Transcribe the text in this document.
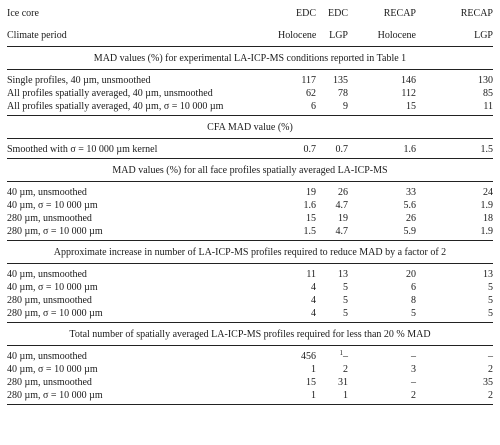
Ice core	EDC	EDC	RECAP	RECAP
Climate period	Holocene	LGP	Holocene	LGP
MAD values (%) for experimental LA-ICP-MS conditions reported in Table 1
Single profiles, 40 µm, unsmoothed	117	135	146	130
All profiles spatially averaged, 40 µm, unsmoothed	62	78	112	85
All profiles spatially averaged, 40 µm, σ = 10 000 µm	6	9	15	11
CFA MAD value (%)
Smoothed with σ = 10 000 µm kernel	0.7	0.7	1.6	1.5
MAD values (%) for all face profiles spatially averaged LA-ICP-MS
40 µm, unsmoothed	19	26	33	24
40 µm, σ = 10 000 µm	1.6	4.7	5.6	1.9
280 µm, unsmoothed	15	19	26	18
280 µm, σ = 10 000 µm	1.5	4.7	5.9	1.9
Approximate increase in number of LA-ICP-MS profiles required to reduce MAD by a factor of 2
40 µm, unsmoothed	11	13	20	13
40 µm, σ = 10 000 µm	4	5	6	5
280 µm, unsmoothed	4	5	8	5
280 µm, σ = 10 000 µm	4	5	5	5
Total number of spatially averaged LA-ICP-MS profiles required for less than 20 % MAD
40 µm, unsmoothed	456	$^1$–	–	–
40 µm, σ = 10 000 µm	1	2	3	2
280 µm, unsmoothed	15	31	–	35
280 µm, σ = 10 000 µm	1	1	2	2
